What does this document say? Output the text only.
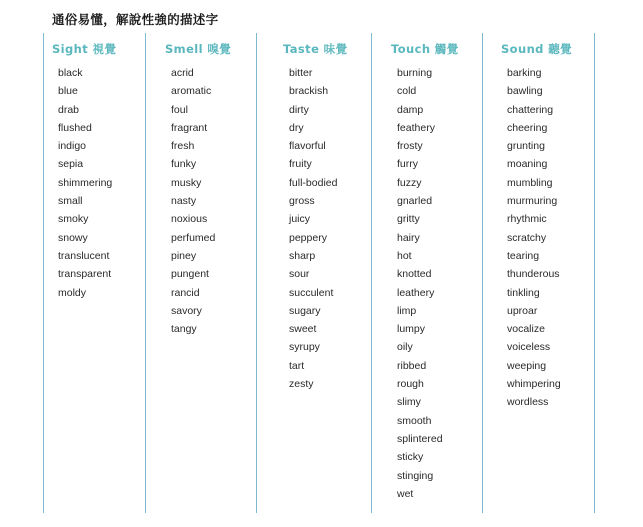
通俗易懂，解說性強的描述字
Sight 視覺
black
blue
drab
flushed
indigo
sepia
shimmering
small
smoky
snowy
translucent
transparent
moldy
Smell 嗅覺
acrid
aromatic
foul
fragrant
fresh
funky
musky
nasty
noxious
perfumed
piney
pungent
rancid
savory
tangy
Taste 味覺
bitter
brackish
dirty
dry
flavorful
fruity
full-bodied
gross
juicy
peppery
sharp
sour
succulent
sugary
sweet
syrupy
tart
zesty
Touch 觸覺
burning
cold
damp
feathery
frosty
furry
fuzzy
gnarled
gritty
hairy
hot
knotted
leathery
limp
lumpy
oily
ribbed
rough
slimy
smooth
splintered
sticky
stinging
wet
Sound 聽覺
barking
bawling
chattering
cheering
grunting
moaning
mumbling
murmuring
rhythmic
scratchy
tearing
thunderous
tinkling
uproar
vocalize
voiceless
weeping
whimpering
wordless
